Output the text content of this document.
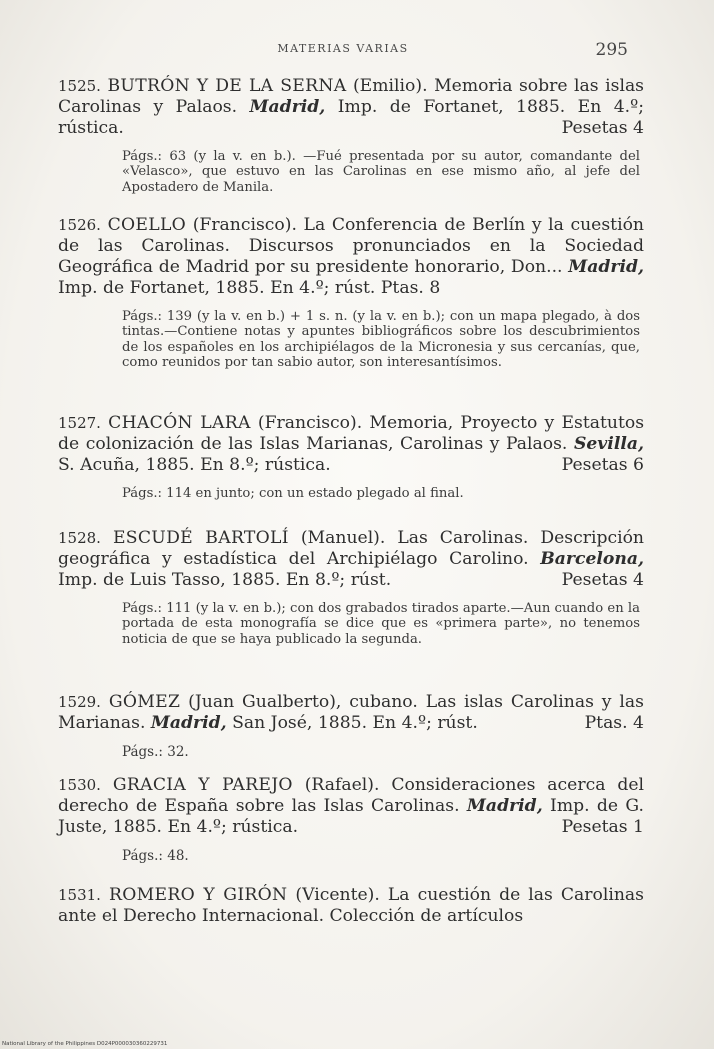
MATERIAS VARIAS	295

1525. BUTRÓN Y DE LA SERNA (Emilio). Memoria sobre las islas Carolinas y Palaos. Madrid, Imp. de Fortanet, 1885. En 4.º; rústica.	Pesetas 4

Págs.: 63 (y la v. en b.). —Fué presentada por su autor, comandante del «Velasco», que estuvo en las Carolinas en ese mismo año, al jefe del Apostadero de Manila.

1526. COELLO (Francisco). La Conferencia de Berlín y la cuestión de las Carolinas. Discursos pronunciados en la Sociedad Geográfica de Madrid por su presidente honorario, Don... Madrid, Imp. de Fortanet, 1885. En 4.º; rúst. Ptas. 8

Págs.: 139 (y la v. en b.) + 1 s. n. (y la v. en b.); con un mapa plegado, à dos tintas.—Contiene notas y apuntes bibliográficos sobre los descubrimientos de los españoles en los archipiélagos de la Micronesia y sus cercanías, que, como reunidos por tan sabio autor, son interesantísimos.

1527. CHACÓN LARA (Francisco). Memoria, Proyecto y Estatutos de colonización de las Islas Marianas, Carolinas y Palaos. Sevilla, S. Acuña, 1885. En 8.º; rústica.	Pesetas 6

Págs.: 114 en junto; con un estado plegado al final.

1528. ESCUDÉ BARTOLÍ (Manuel). Las Carolinas. Descripción geográfica y estadística del Archipiélago Carolino. Barcelona, Imp. de Luis Tasso, 1885. En 8.º; rúst.	Pesetas 4

Págs.: 111 (y la v. en b.); con dos grabados tirados aparte.—Aun cuando en la portada de esta monografía se dice que es «primera parte», no tenemos noticia de que se haya publicado la segunda.

1529. GÓMEZ (Juan Gualberto), cubano. Las islas Carolinas y las Marianas. Madrid, San José, 1885. En 4.º; rúst.	Ptas. 4

Págs.: 32.

1530. GRACIA Y PAREJO (Rafael). Consideraciones acerca del derecho de España sobre las Islas Carolinas. Madrid, Imp. de G. Juste, 1885. En 4.º; rústica.	Pesetas 1

Págs.: 48.

1531. ROMERO Y GIRÓN (Vicente). La cuestión de las Carolinas ante el Derecho Internacional. Colección de artículos

National Library of the Philippines D024P000030360229731
